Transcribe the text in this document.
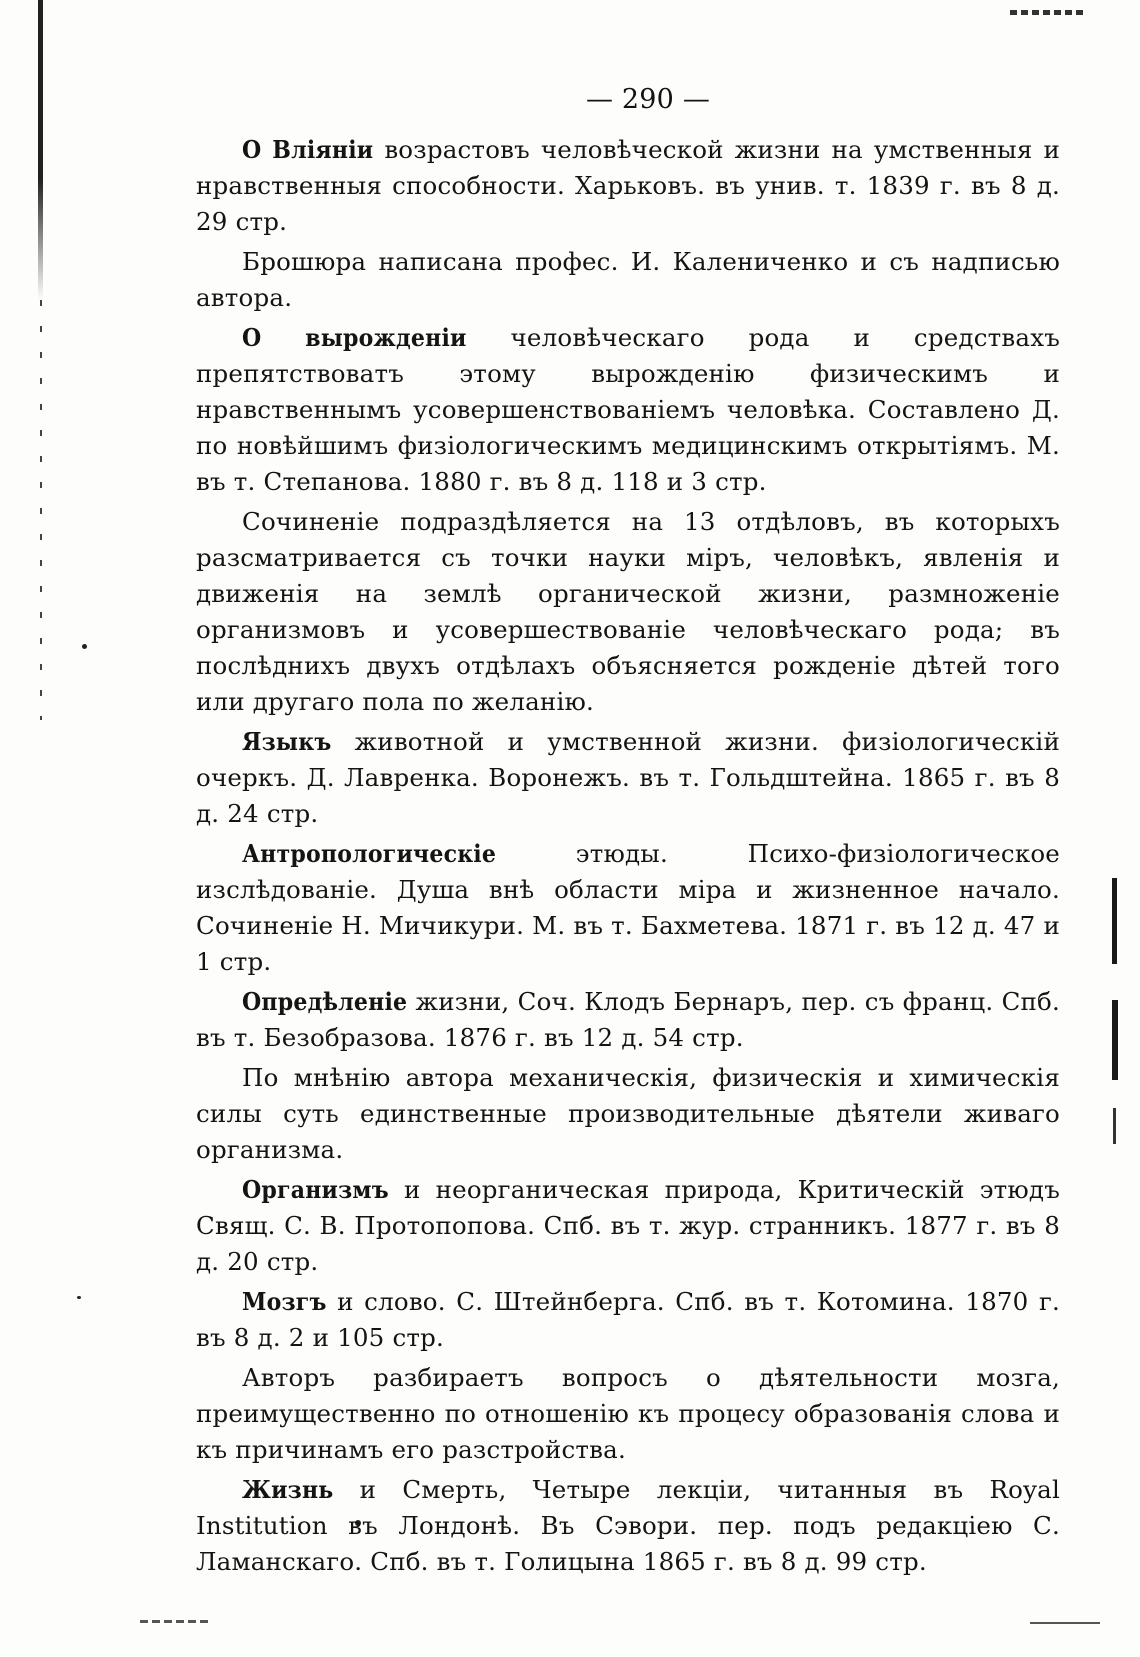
— 290 —

О Вліяніи возрастовъ человѣческой жизни на умственныя и нравственныя способности. Харьковъ. въ унив. т. 1839 г. въ 8 д. 29 стр.

Брошюра написана профес. И. Калениченко и съ надписью автора.

О вырожденіи человѣческаго рода и средствахъ препятствоватъ этому вырожденію физическимъ и нравственнымъ усовершенствованіемъ человѣка. Составлено Д. по новѣйшимъ физіологическимъ медицинскимъ открытіямъ. М. въ т. Степанова. 1880 г. въ 8 д. 118 и 3 стр.

Сочиненіе подраздѣляется на 13 отдѣловъ, въ которыхъ разсматривается съ точки науки міръ, человѣкъ, явленія и движенія на землѣ органической жизни, размноженіе организмовъ и усовершествованіе человѣческаго рода; въ послѣднихъ двухъ отдѣлахъ объясняется рожденіе дѣтей того или другаго пола по желанію.

Языкъ животной и умственной жизни. физіологическій очеркъ. Д. Лавренка. Воронежъ. въ т. Гольдштейна. 1865 г. въ 8 д. 24 стр.

Антропологическіе этюды. Психо-физіологическое изслѣдованіе. Душа внѣ области міра и жизненное начало. Сочиненіе Н. Мичикури. М. въ т. Бахметева. 1871 г. въ 12 д. 47 и 1 стр.

Опредѣленіе жизни, Соч. Клодъ Бернаръ, пер. съ франц. Спб. въ т. Безобразова. 1876 г. въ 12 д. 54 стр.

По мнѣнію автора механическія, физическія и химическія силы суть единственные производительные дѣятели живаго организма.

Организмъ и неорганическая природа, Критическій этюдъ Свящ. С. В. Протопопова. Спб. въ т. жур. странникъ. 1877 г. въ 8 д. 20 стр.

Мозгъ и слово. С. Штейнберга. Спб. въ т. Котомина. 1870 г. въ 8 д. 2 и 105 стр.

Авторъ разбираетъ вопросъ о дѣятельности мозга, преимущественно по отношенію къ процесу образованія слова и къ причинамъ его разстройства.

Жизнь и Смерть, Четыре лекціи, читанныя въ Royal Institution въ Лондонѣ. Въ Сэвори. пер. подъ редакціею С. Ламанскаго. Спб. въ т. Голицына 1865 г. въ 8 д. 99 стр.
